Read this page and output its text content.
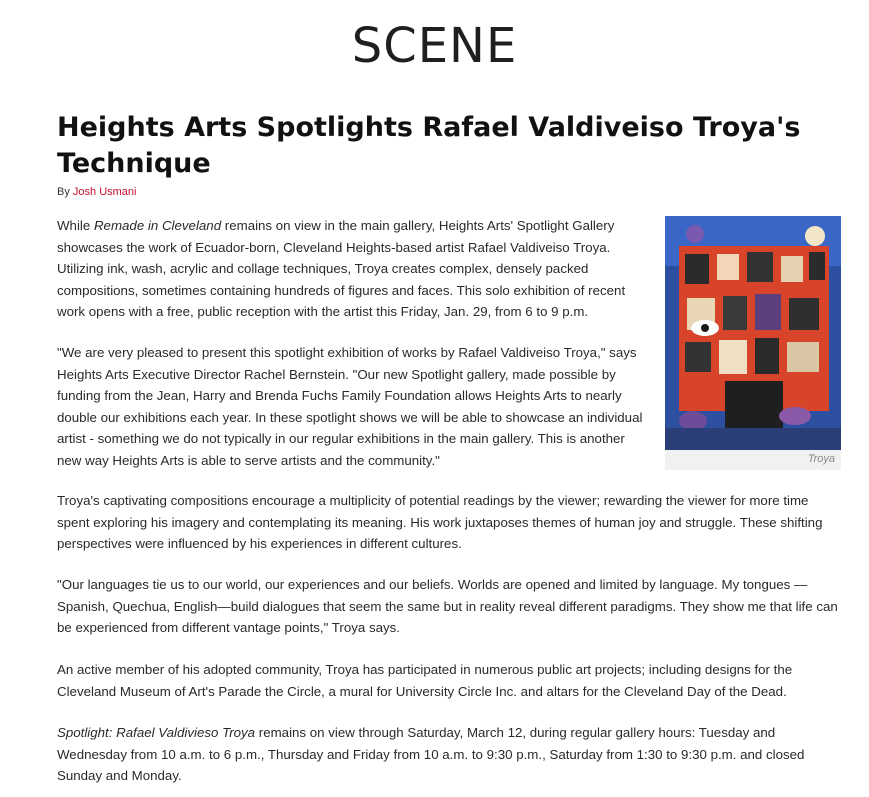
SCENE
Heights Arts Spotlights Rafael Valdiveiso Troya's Technique
By Josh Usmani

While Remade in Cleveland remains on view in the main gallery, Heights Arts' Spotlight Gallery showcases the work of Ecuador-born, Cleveland Heights-based artist Rafael Valdiveiso Troya. Utilizing ink, wash, acrylic and collage techniques, Troya creates complex, densely packed compositions, sometimes containing hundreds of figures and faces. This solo exhibition of recent work opens with a free, public reception with the artist this Friday, Jan. 29, from 6 to 9 p.m.

"We are very pleased to present this spotlight exhibition of works by Rafael Valdiveiso Troya," says Heights Arts Executive Director Rachel Bernstein. "Our new Spotlight gallery, made possible by funding from the Jean, Harry and Brenda Fuchs Family Foundation allows Heights Arts to nearly double our exhibitions each year. In these spotlight shows we will be able to showcase an individual artist - something we do not typically in our regular exhibitions in the main gallery. This is another new way Heights Arts is able to serve artists and the community."	Troya

Troya's captivating compositions encourage a multiplicity of potential readings by the viewer; rewarding the viewer for more time spent exploring his imagery and contemplating its meaning. His work juxtaposes themes of human joy and struggle. These shifting perspectives were influenced by his experiences in different cultures.

"Our languages tie us to our world, our experiences and our beliefs. Worlds are opened and limited by language. My tongues — Spanish, Quechua, English—build dialogues that seem the same but in reality reveal different paradigms. They show me that life can be experienced from different vantage points," Troya says.

An active member of his adopted community, Troya has participated in numerous public art projects; including designs for the Cleveland Museum of Art's Parade the Circle, a mural for University Circle Inc. and altars for the Cleveland Day of the Dead.

Spotlight: Rafael Valdivieso Troya remains on view through Saturday, March 12, during regular gallery hours: Tuesday and Wednesday from 10 a.m. to 6 p.m., Thursday and Friday from 10 a.m. to 9:30 p.m., Saturday from 1:30 to 9:30 p.m. and closed Sunday and Monday.
